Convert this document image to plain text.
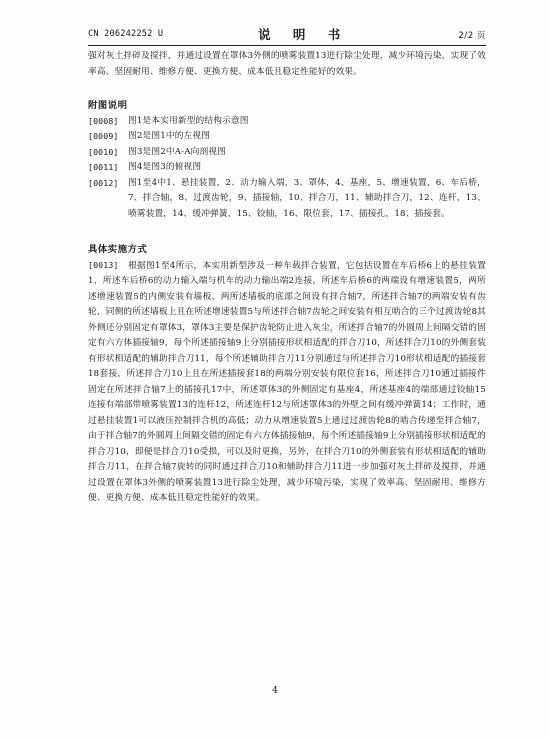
CN 206242252 U	说 明 书	2/2 页

强对灰土拌碎及搅拌，并通过设置在罩体3外侧的喷雾装置13进行除尘处理，减少环境污染，实现了效率高、坚固耐用、维修方便、更换方便、成本低且稳定性能好的效果。

附图说明

[0008]	图1是本实用新型的结构示意图
[0009]	图2是图1中的左视图
[0010]	图3是图2中A-A向剖视图
[0011]	图4是图3的俯视图
[0012]	图1至4中1、悬挂装置，2、动力输入端，3、罩体，4、基座，5、增速装置，6、车后桥，7、拌合轴，8、过渡齿轮，9、插接轴，10、拌合刀，11、辅助拌合刀，12、连杆，13、喷雾装置，14、缓冲弹簧，15、铰轴，16、限位套，17、插接孔，18、插接套。

具体实施方式

[0013] 根据图1至4所示，本实用新型涉及一种车载拌合装置，它包括设置在车后桥6上的悬挂装置1，所述车后桥6的动力输入端与机车的动力输出端2连接，所述车后桥6的两端设有增速装置5，两所述增速装置5的内侧安装有墙板，两所述墙板的底部之间设有拌合轴7，所述拌合轴7的两端安装有齿轮，同侧的所述墙板上且在所述增速装置5与所述拌合轴7齿轮之间安装有相互啮合的三个过渡齿轮8其外侧还分别固定有罩体3，罩体3主要是保护齿轮防止进入灰尘，所述拌合轴7的外圆周上间隔交错的固定有六方体插接轴9，每个所述插接轴9上分别插接形状相适配的拌合刀10，所述拌合刀10的外侧套装有形状相适配的辅助拌合刀11，每个所述辅助拌合刀11分别通过与所述拌合刀10形状相适配的插接套18套接，所述拌合刀10上且在所述插接套18的两端分别安装有限位套16，所述拌合刀10通过插接件固定在所述拌合轴7上的插接孔17中，所述罩体3的外侧固定有基座4，所述基座4的端部通过铰轴15连接有端部带喷雾装置13的连杆12，所述连杆12与所述罩体3的外壁之间有缓冲弹簧14；工作时，通过悬挂装置1可以液压控制拌合机的高低；动力从增速装置5上通过过渡齿轮8的啮合传递至拌合轴7，由于拌合轴7的外圆周上间隔交错的固定有六方体插接轴9，每个所述插接轴9上分别插接形状相适配的拌合刀10，即便是拌合刀10受损，可以及时更换，另外，在拌合刀10的外侧套装有形状相适配的辅助拌合刀11，在拌合轴7旋转的同时通过拌合刀10和辅助拌合刀11进一步加强对灰土拌碎及搅拌，并通过设置在罩体3外侧的喷雾装置13进行除尘处理，减少环境污染，实现了效率高、坚固耐用、维修方便、更换方便、成本低且稳定性能好的效果。

4
